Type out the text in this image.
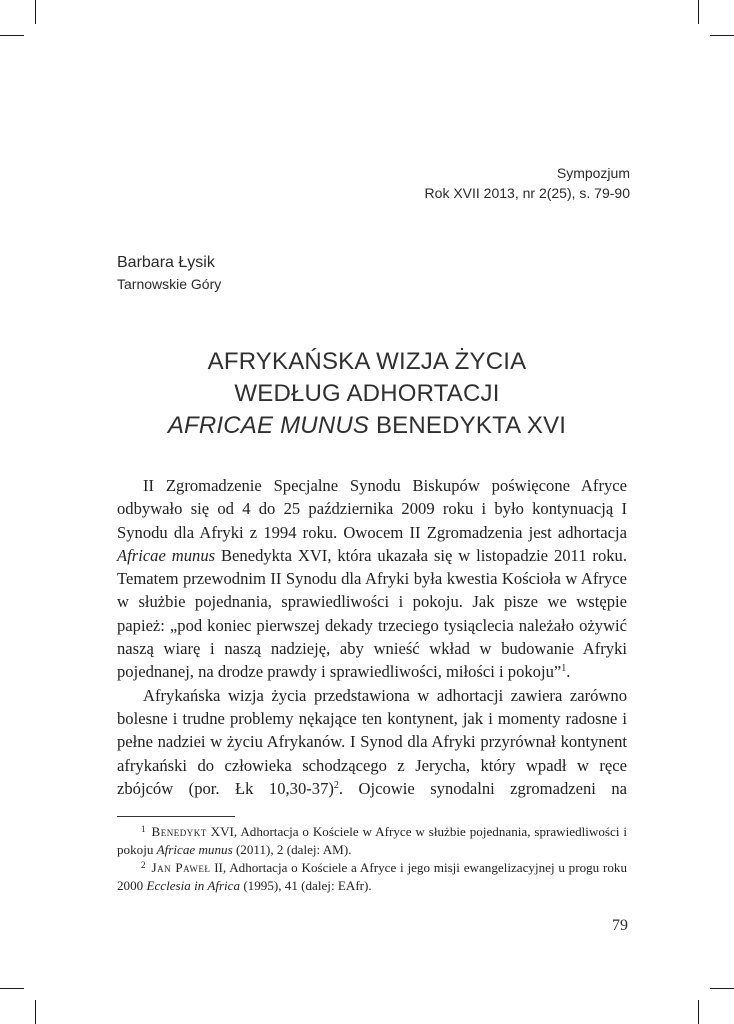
Sympozjum
Rok XVII 2013, nr 2(25), s. 79-90
Barbara Łysik
Tarnowskie Góry
AFRYKAŃSKA WIZJA ŻYCIA
WEDŁUG ADHORTACJI
AFRICAE MUNUS BENEDYKTA XVI

II Zgromadzenie Specjalne Synodu Biskupów poświęcone Afryce odbywało się od 4 do 25 października 2009 roku i było kontynuacją I Synodu dla Afryki z 1994 roku. Owocem II Zgromadzenia jest adhortacja Africae munus Benedykta XVI, która ukazała się w listopadzie 2011 roku. Tematem przewodnim II Synodu dla Afryki była kwestia Kościoła w Afryce w służbie pojednania, sprawiedliwości i pokoju. Jak pisze we wstępie papież: „pod koniec pierwszej dekady trzeciego tysiąclecia należało ożywić naszą wiarę i naszą nadzieję, aby wnieść wkład w budowanie Afryki pojednanej, na drodze prawdy i sprawiedliwości, miłości i pokoju”$^1$.

Afrykańska wizja życia przedstawiona w adhortacji zawiera zarówno bolesne i trudne problemy nękające ten kontynent, jak i momenty radosne i pełne nadziei w życiu Afrykanów. I Synod dla Afryki przyrównał kontynent afrykański do człowieka schodzącego z Jerycha, który wpadł w ręce zbójców (por. Łk 10,30-37)$^2$. Ojcowie synodalni zgromadzeni na

$^1$ Benedykt XVI, Adhortacja o Kościele w Afryce w służbie pojednania, sprawiedliwości i pokoju Africae munus (2011), 2 (dalej: AM).

$^2$ Jan Paweł II, Adhortacja o Kościele a Afryce i jego misji ewangelizacyjnej u progu roku 2000 Ecclesia in Africa (1995), 41 (dalej: EAfr).

79
